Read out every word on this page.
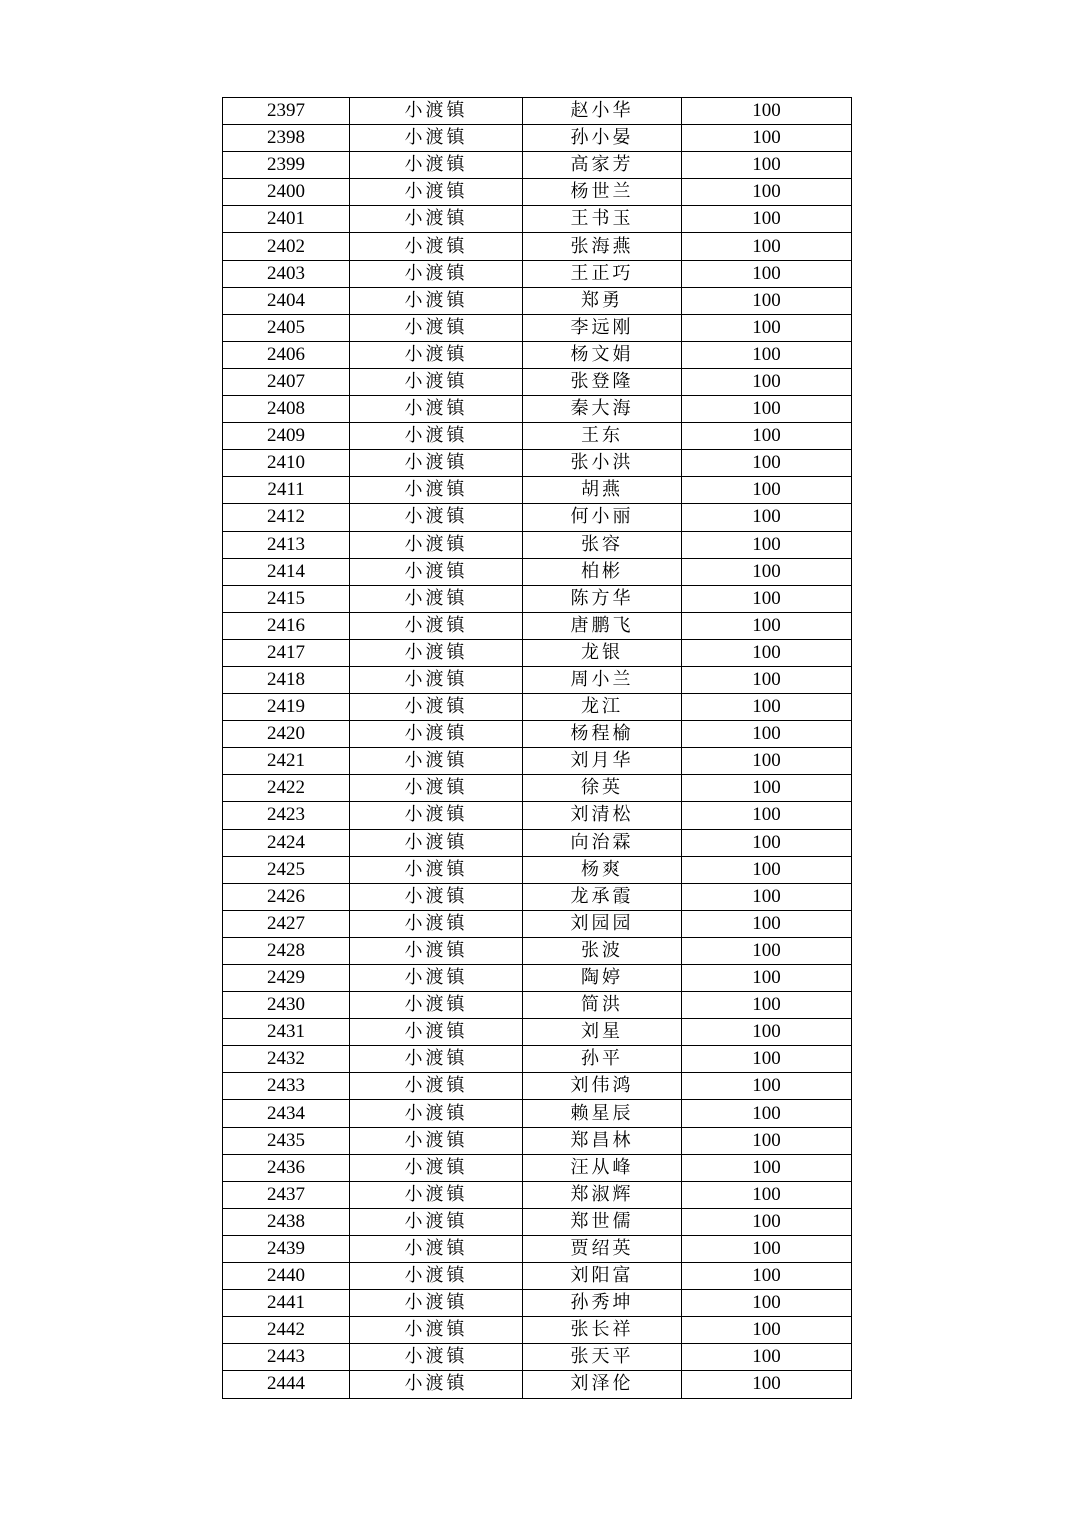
2397	小渡镇	赵小华	100
2398	小渡镇	孙小晏	100
2399	小渡镇	高家芳	100
2400	小渡镇	杨世兰	100
2401	小渡镇	王书玉	100
2402	小渡镇	张海燕	100
2403	小渡镇	王正巧	100
2404	小渡镇	郑勇	100
2405	小渡镇	李远刚	100
2406	小渡镇	杨文娟	100
2407	小渡镇	张登隆	100
2408	小渡镇	秦大海	100
2409	小渡镇	王东	100
2410	小渡镇	张小洪	100
2411	小渡镇	胡燕	100
2412	小渡镇	何小丽	100
2413	小渡镇	张容	100
2414	小渡镇	柏彬	100
2415	小渡镇	陈方华	100
2416	小渡镇	唐鹏飞	100
2417	小渡镇	龙银	100
2418	小渡镇	周小兰	100
2419	小渡镇	龙江	100
2420	小渡镇	杨程榆	100
2421	小渡镇	刘月华	100
2422	小渡镇	徐英	100
2423	小渡镇	刘清松	100
2424	小渡镇	向治霖	100
2425	小渡镇	杨爽	100
2426	小渡镇	龙承霞	100
2427	小渡镇	刘园园	100
2428	小渡镇	张波	100
2429	小渡镇	陶婷	100
2430	小渡镇	简洪	100
2431	小渡镇	刘星	100
2432	小渡镇	孙平	100
2433	小渡镇	刘伟鸿	100
2434	小渡镇	赖星辰	100
2435	小渡镇	郑昌林	100
2436	小渡镇	汪从峰	100
2437	小渡镇	郑淑辉	100
2438	小渡镇	郑世儒	100
2439	小渡镇	贾绍英	100
2440	小渡镇	刘阳富	100
2441	小渡镇	孙秀坤	100
2442	小渡镇	张长祥	100
2443	小渡镇	张天平	100
2444	小渡镇	刘泽伦	100
